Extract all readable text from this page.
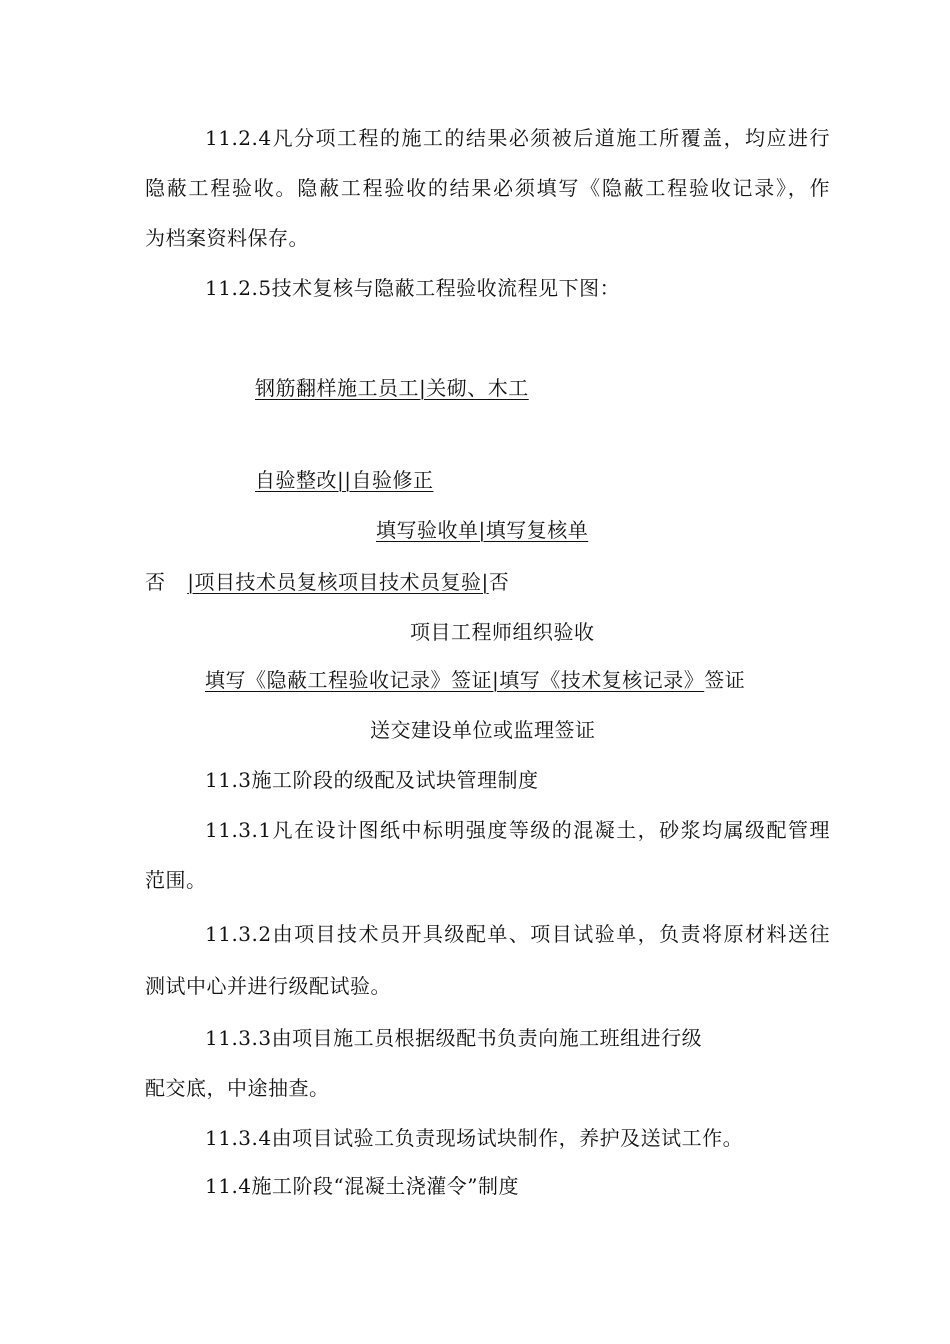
11.2.4凡分项工程的施工的结果必须被后道施工所覆盖，均应进行
隐蔽工程验收。隐蔽工程验收的结果必须填写《隐蔽工程验收记录》，作
为档案资料保存。
11.2.5技术复核与隐蔽工程验收流程见下图：
钢筋翻样施工员工|关砌、木工
自验整改||自验修正
填写验收单|填写复核单
否 |项目技术员复核项目技术员复验|否
项目工程师组织验收
填写《隐蔽工程验收记录》签证|填写《技术复核记录》签证
送交建设单位或监理签证
11.3施工阶段的级配及试块管理制度
11.3.1凡在设计图纸中标明强度等级的混凝土，砂浆均属级配管理
范围。
11.3.2由项目技术员开具级配单、项目试验单，负责将原材料送往
测试中心并进行级配试验。
11.3.3由项目施工员根据级配书负责向施工班组进行级
配交底，中途抽查。
11.3.4由项目试验工负责现场试块制作，养护及送试工作。
11.4施工阶段“混凝土浇灌令”制度
